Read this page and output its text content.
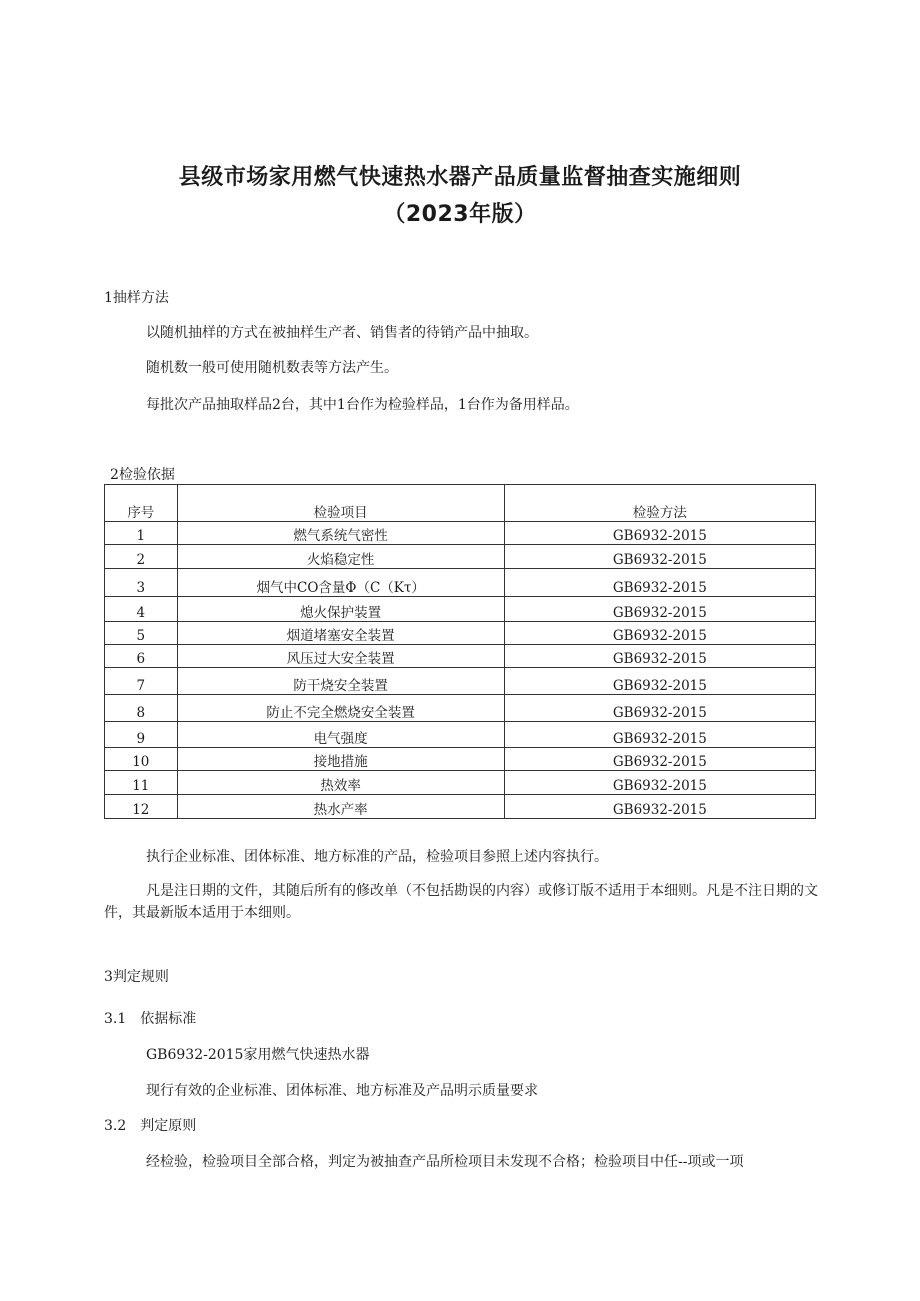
县级市场家用燃气快速热水器产品质量监督抽查实施细则
（2023年版）
1抽样方法
以随机抽样的方式在被抽样生产者、销售者的待销产品中抽取。
随机数一般可使用随机数表等方法产生。
每批次产品抽取样品2台，其中1台作为检验样品，1台作为备用样品。
2检验依据
序号	检验项目	检验方法
1	燃气系统气密性	GB6932-2015
2	火焰稳定性	GB6932-2015
3	烟气中CO含量Φ（C（Kτ）	GB6932-2015
4	熄火保护装置	GB6932-2015
5	烟道堵塞安全装置	GB6932-2015
6	风压过大安全装置	GB6932-2015
7	防干烧安全装置	GB6932-2015
8	防止不完全燃烧安全装置	GB6932-2015
9	电气强度	GB6932-2015
10	接地措施	GB6932-2015
11	热效率	GB6932-2015
12	热水产率	GB6932-2015
执行企业标准、团体标准、地方标准的产品，检验项目参照上述内容执行。
凡是注日期的文件，其随后所有的修改单（不包括勘误的内容）或修订版不适用于本细则。凡是不注日期的文件，其最新版本适用于本细则。
3判定规则
3.1　依据标准
GB6932-2015家用燃气快速热水器
现行有效的企业标准、团体标准、地方标准及产品明示质量要求
3.2　判定原则
经检验，检验项目全部合格，判定为被抽查产品所检项目未发现不合格；检验项目中任--项或一项
